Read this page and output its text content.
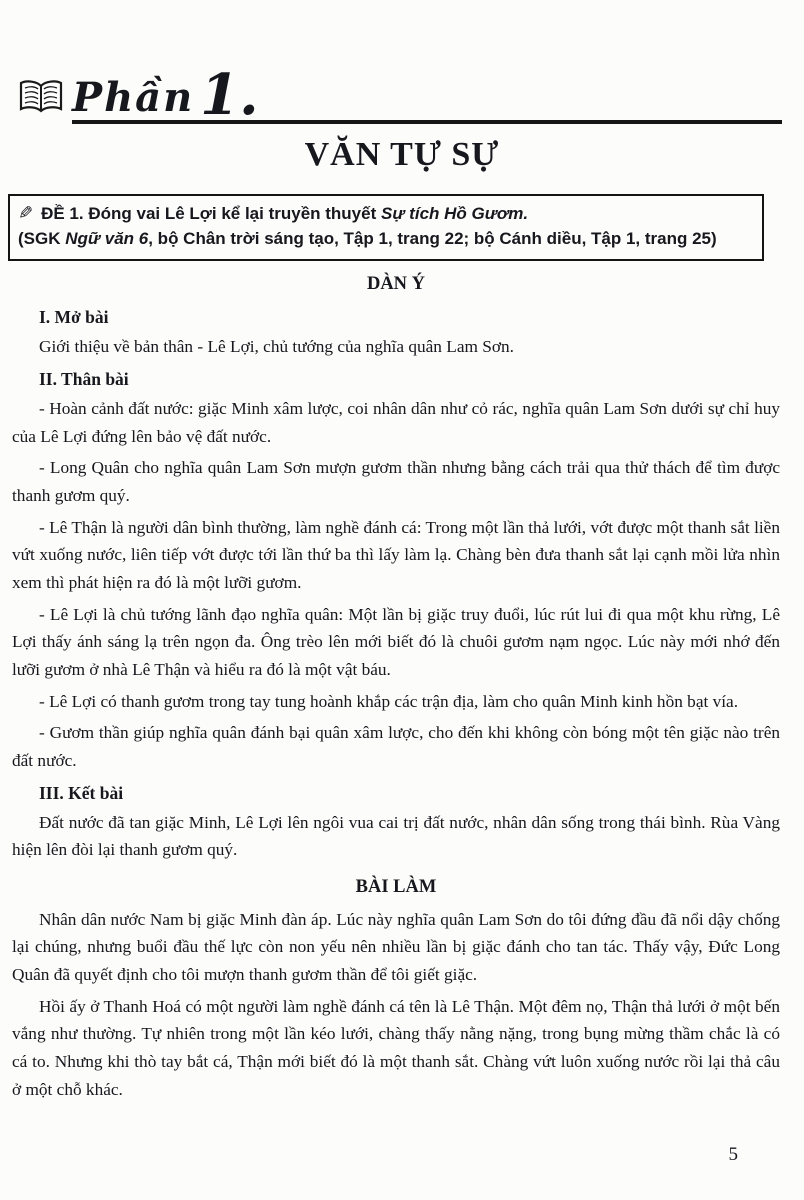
Phần 1.
VĂN TỰ SỰ

✎ ĐỀ 1. Đóng vai Lê Lợi kể lại truyền thuyết Sự tích Hồ Gươm.

(SGK Ngữ văn 6, bộ Chân trời sáng tạo, Tập 1, trang 22; bộ Cánh diều, Tập 1, trang 25)

DÀN Ý
I. Mở bài

Giới thiệu về bản thân - Lê Lợi, chủ tướng của nghĩa quân Lam Sơn.

II. Thân bài

- Hoàn cảnh đất nước: giặc Minh xâm lược, coi nhân dân như cỏ rác, nghĩa quân Lam Sơn dưới sự chỉ huy của Lê Lợi đứng lên bảo vệ đất nước.

- Long Quân cho nghĩa quân Lam Sơn mượn gươm thần nhưng bằng cách trải qua thử thách để tìm được thanh gươm quý.

- Lê Thận là người dân bình thường, làm nghề đánh cá: Trong một lần thả lưới, vớt được một thanh sắt liền vứt xuống nước, liên tiếp vớt được tới lần thứ ba thì lấy làm lạ. Chàng bèn đưa thanh sắt lại cạnh mồi lửa nhìn xem thì phát hiện ra đó là một lưỡi gươm.

- Lê Lợi là chủ tướng lãnh đạo nghĩa quân: Một lần bị giặc truy đuổi, lúc rút lui đi qua một khu rừng, Lê Lợi thấy ánh sáng lạ trên ngọn đa. Ông trèo lên mới biết đó là chuôi gươm nạm ngọc. Lúc này mới nhớ đến lưỡi gươm ở nhà Lê Thận và hiểu ra đó là một vật báu.

- Lê Lợi có thanh gươm trong tay tung hoành khắp các trận địa, làm cho quân Minh kinh hồn bạt vía.

- Gươm thần giúp nghĩa quân đánh bại quân xâm lược, cho đến khi không còn bóng một tên giặc nào trên đất nước.

III. Kết bài

Đất nước đã tan giặc Minh, Lê Lợi lên ngôi vua cai trị đất nước, nhân dân sống trong thái bình. Rùa Vàng hiện lên đòi lại thanh gươm quý.

BÀI LÀM

Nhân dân nước Nam bị giặc Minh đàn áp. Lúc này nghĩa quân Lam Sơn do tôi đứng đầu đã nổi dậy chống lại chúng, nhưng buổi đầu thế lực còn non yếu nên nhiều lần bị giặc đánh cho tan tác. Thấy vậy, Đức Long Quân đã quyết định cho tôi mượn thanh gươm thần để tôi giết giặc.

Hồi ấy ở Thanh Hoá có một người làm nghề đánh cá tên là Lê Thận. Một đêm nọ, Thận thả lưới ở một bến vắng như thường. Tự nhiên trong một lần kéo lưới, chàng thấy nằng nặng, trong bụng mừng thầm chắc là có cá to. Nhưng khi thò tay bắt cá, Thận mới biết đó là một thanh sắt. Chàng vứt luôn xuống nước rồi lại thả câu ở một chỗ khác.

5
